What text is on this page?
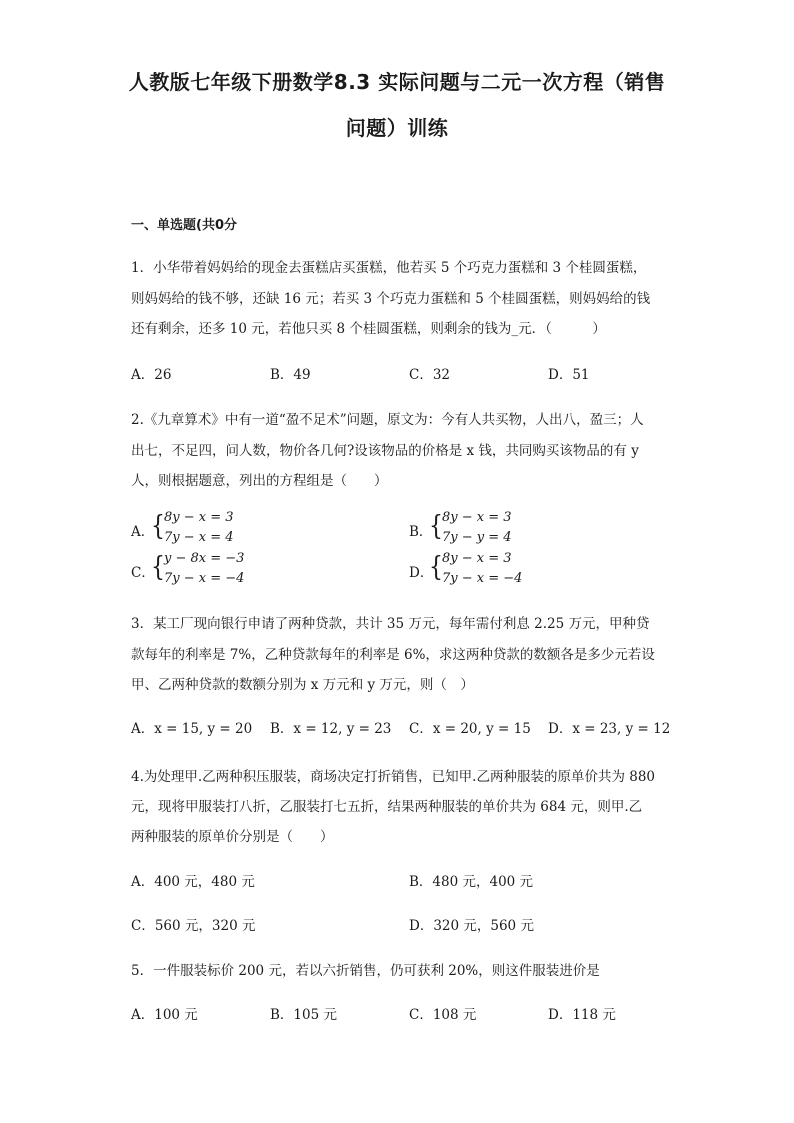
人教版七年级下册数学8.3 实际问题与二元一次方程（销售
问题）训练
一、单选题(共0分
1．小华带着妈妈给的现金去蛋糕店买蛋糕，他若买 5 个巧克力蛋糕和 3 个桂圆蛋糕，
则妈妈给的钱不够，还缺 16 元；若买 3 个巧克力蛋糕和 5 个桂圆蛋糕，则妈妈给的钱
还有剩余，还多 10 元，若他只买 8 个桂圆蛋糕，则剩余的钱为_元．（　　　）
A．26	B．49	C．32	D．51
2.《九章算术》中有一道“盈不足术”问题，原文为：今有人共买物，人出八，盈三；人
出七，不足四，问人数，物价各几何?设该物品的价格是 x 钱，共同购买该物品的有 y
人，则根据题意，列出的方程组是（　　）
A．
{ 8y − x = 3
7y − x = 4	B．
{ 8y − x = 3
7y − y = 4
C．
{ y − 8x = −3
7y − x = −4	D．
{ 8y − x = 3
7y − x = −4
3．某工厂现向银行申请了两种贷款，共计 35 万元，每年需付利息 2.25 万元，甲种贷
款每年的利率是 7%，乙种贷款每年的利率是 6%，求这两种贷款的数额各是多少元若设
甲、乙两种贷款的数额分别为 x 万元和 y 万元，则（　）
A．x = 15, y = 20 B．x = 12, y = 23 C．x = 20, y = 15 D．x = 23, y = 12
4.为处理甲.乙两种积压服装，商场决定打折销售，已知甲.乙两种服装的原单价共为 880
元，现将甲服装打八折，乙服装打七五折，结果两种服装的单价共为 684 元，则甲.乙
两种服装的原单价分别是（　　）
A．400 元，480 元	B．480 元，400 元
C．560 元，320 元	D．320 元，560 元
5．一件服装标价 200 元，若以六折销售，仍可获利 20%，则这件服装进价是
A．100 元	B．105 元	C．108 元	D．118 元
